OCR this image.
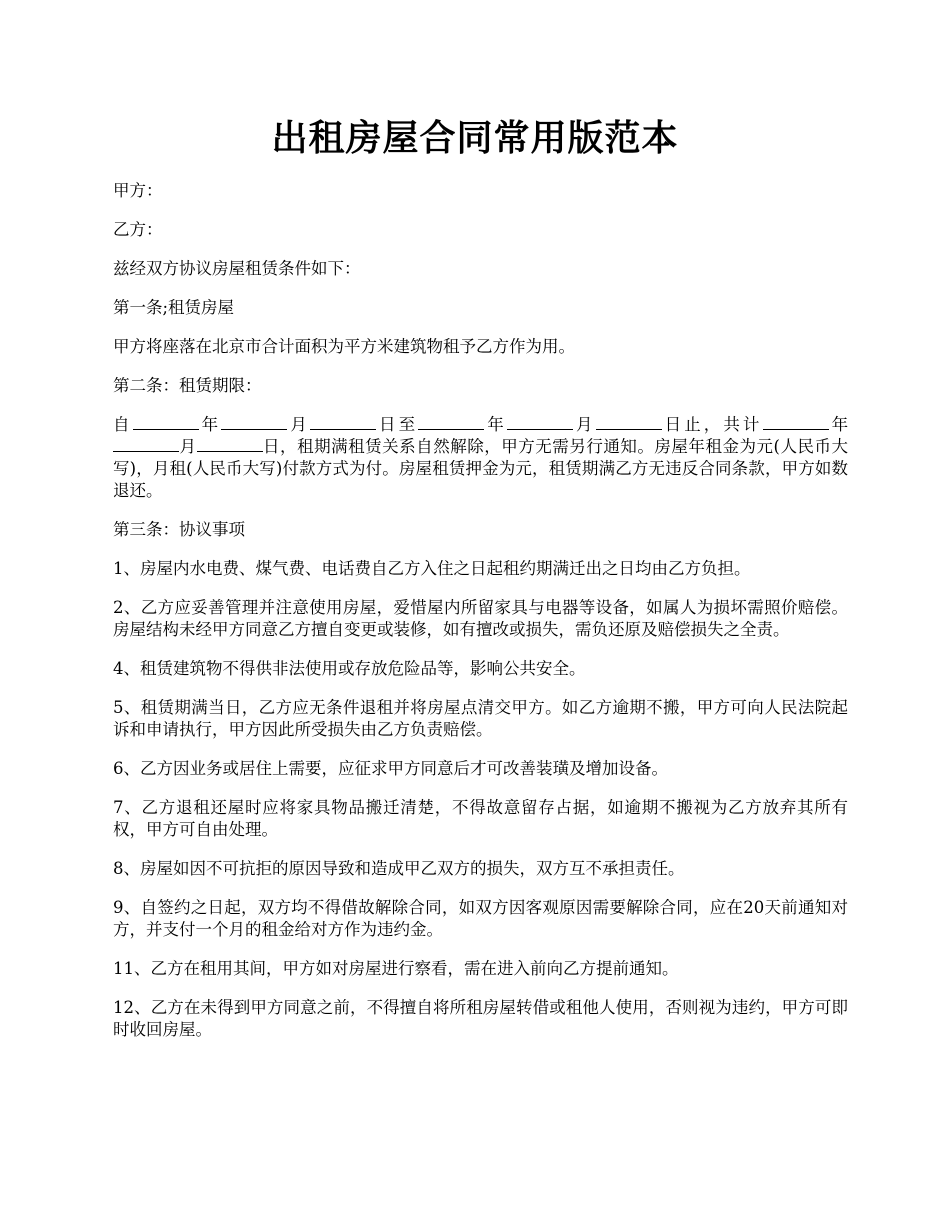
出租房屋合同常用版范本

甲方：

乙方：

兹经双方协议房屋租赁条件如下：

第一条;租赁房屋

甲方将座落在北京市合计面积为平方米建筑物租予乙方作为用。

第二条：租赁期限：

自	年	月	日至	年	月	日止，共计	年月	日，租期满租赁关系自然解除，甲方无需另行通知。房屋年租金为元(人民币大写)，月租(人民币大写)付款方式为付。房屋租赁押金为元，租赁期满乙方无违反合同条款，甲方如数退还。

第三条：协议事项

1、房屋内水电费、煤气费、电话费自乙方入住之日起租约期满迁出之日均由乙方负担。

2、乙方应妥善管理并注意使用房屋，爱惜屋内所留家具与电器等设备，如属人为损坏需照价赔偿。房屋结构未经甲方同意乙方擅自变更或装修，如有擅改或损失，需负还原及赔偿损失之全责。

4、租赁建筑物不得供非法使用或存放危险品等，影响公共安全。

5、租赁期满当日，乙方应无条件退租并将房屋点清交甲方。如乙方逾期不搬，甲方可向人民法院起诉和申请执行，甲方因此所受损失由乙方负责赔偿。

6、乙方因业务或居住上需要，应征求甲方同意后才可改善装璜及增加设备。

7、乙方退租还屋时应将家具物品搬迁清楚，不得故意留存占据，如逾期不搬视为乙方放弃其所有权，甲方可自由处理。

8、房屋如因不可抗拒的原因导致和造成甲乙双方的损失，双方互不承担责任。

9、自签约之日起，双方均不得借故解除合同，如双方因客观原因需要解除合同，应在20天前通知对方，并支付一个月的租金给对方作为违约金。

11、乙方在租用其间，甲方如对房屋进行察看，需在进入前向乙方提前通知。

12、乙方在未得到甲方同意之前，不得擅自将所租房屋转借或租他人使用，否则视为违约，甲方可即时收回房屋。
